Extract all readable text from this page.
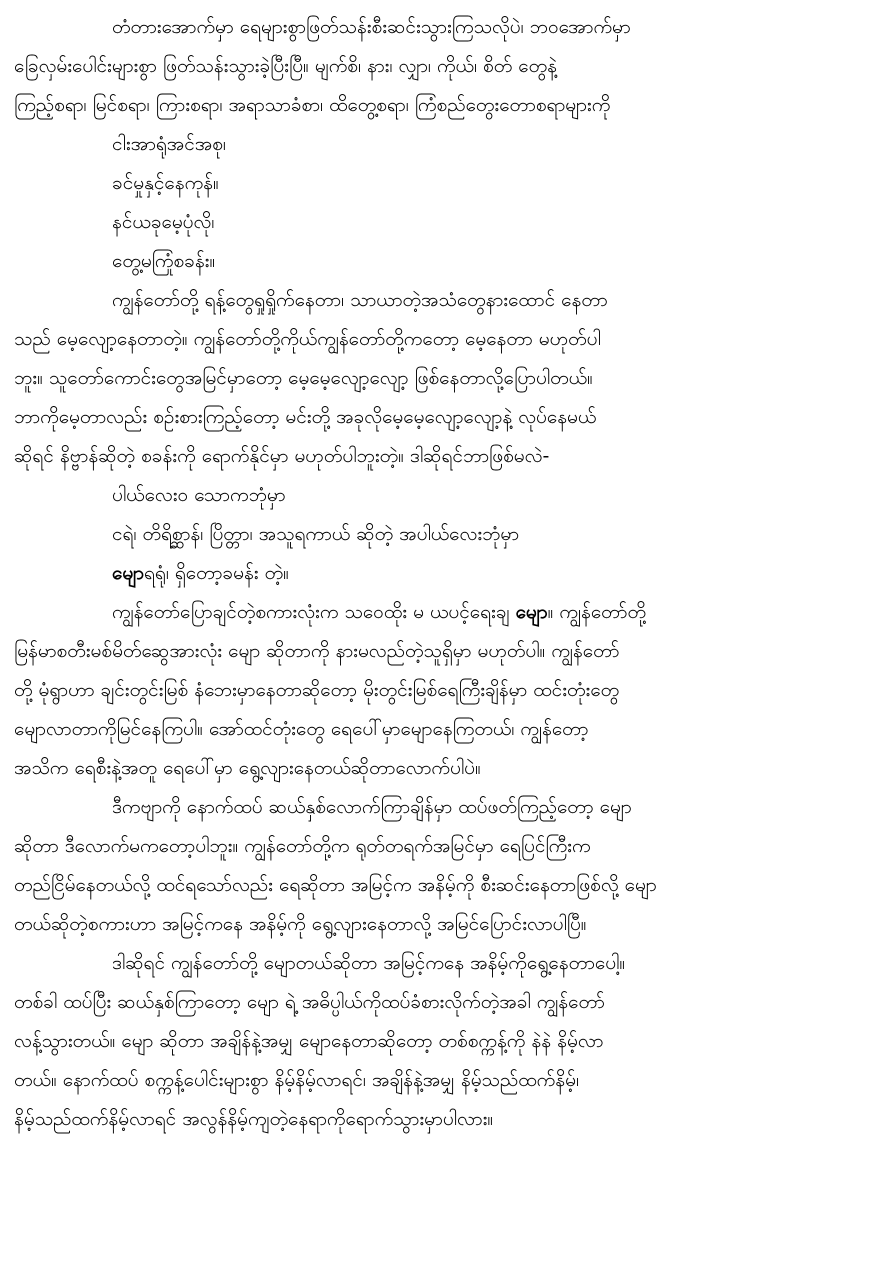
တံတားအောက်မှာ ရေများစွာဖြတ်သန်းစီးဆင်းသွားကြသလိုပဲ၊ ဘဝအောက်မှာ
ခြေလှမ်းပေါင်းများစွာ ဖြတ်သန်းသွားခဲ့ပြီးပြီ။ မျက်စိ၊ နား၊ လျှာ၊ ကိုယ်၊ စိတ် တွေနဲ့
ကြည့်စရာ၊ မြင်စရာ၊ ကြားစရာ၊ အရာသာခံစာ၊ ထိတွေ့စရာ၊ ကြံစည်တွေးတောစရာများကို
ငါးအာရုံအင်အစု၊
ခင်မှုနှင့်နေကုန်။
နင်ယခုမေ့ပုံလို၊
တွေ့မကြုံစခန်း။
ကျွန်တော်တို့ ရန့်တွေရှုရှိုက်နေတာ၊ သာယာတဲ့အသံတွေနားထောင် နေတာ
သည် မေ့လျော့နေတာတဲ့။ ကျွန်တော်တို့ကိုယ်ကျွန်တော်တို့ကတော့ မေ့နေတာ မဟုတ်ပါ
ဘူး။ သူတော်ကောင်းတွေအမြင်မှာတော့ မေ့မေ့လျော့လျော့ ဖြစ်နေတာလို့ပြောပါတယ်။
ဘာကိုမေ့တာလည်း စဉ်းစားကြည့်တော့ မင်းတို့ အခုလိုမေ့မေ့လျော့လျော့နဲ့ လုပ်နေမယ်
ဆိုရင် နိဗ္ဗာန်ဆိုတဲ့ စခန်းကို ရောက်နိုင်မှာ မဟုတ်ပါဘူးတဲ့။ ဒါဆိုရင်ဘာဖြစ်မလဲ-
ပါယ်လေးဝ သောကဘုံမှာ
ငရဲ၊ တိရိစ္ဆာန်၊ ပြိတ္တာ၊ အသူရကာယ် ဆိုတဲ့ အပါယ်လေးဘုံမှာ
မျောရရုံ၊ ရှိတော့ခမန်း တဲ့။
ကျွန်တော်ပြောချင်တဲ့စကားလုံးက သဝေထိုး မ ယပင့်ရေးချ မျော။ ကျွန်တော်တို့
မြန်မာစတီးမစ်မိတ်ဆွေအားလုံး မျော ဆိုတာကို နားမလည်တဲ့သူရှိမှာ မဟုတ်ပါ။ ကျွန်တော်
တို့ မုံရွာဟာ ချင်းတွင်းမြစ် နံဘေးမှာနေတာဆိုတော့ မိုးတွင်းမြစ်ရေကြီးချိန်မှာ ထင်းတုံးတွေ
မျောလာတာကိုမြင်နေကြပါ။ အော်ထင်တုံးတွေ ရေပေါ်မှာမျောနေကြတယ်၊ ကျွန်တော့
အသိက ရေစီးနဲ့အတူ ရေပေါ်မှာ ရွေ့လျားနေတယ်ဆိုတာလောက်ပါပဲ။
ဒီကဗျာကို နောက်ထပ် ဆယ်နှစ်လောက်ကြာချိန်မှာ ထပ်ဖတ်ကြည့်တော့ မျော
ဆိုတာ ဒီလောက်မကတော့ပါဘူး။ ကျွန်တော်တို့က ရုတ်တရက်အမြင်မှာ ရေပြင်ကြီးက
တည်ငြိမ်နေတယ်လို့ ထင်ရသော်လည်း ရေဆိုတာ အမြင့်က အနိမ့်ကို စီးဆင်းနေတာဖြစ်လို့ မျော
တယ်ဆိုတဲ့စကားဟာ အမြင့်ကနေ အနိမ့်ကို ရွေ့လျားနေတာလို့ အမြင်ပြောင်းလာပါပြီ။
ဒါဆိုရင် ကျွန်တော်တို့ မျောတယ်ဆိုတာ အမြင့်ကနေ အနိမ့်ကိုရွေ့နေတာပေါ့။
တစ်ခါ ထပ်ပြီး ဆယ်နှစ်ကြာတော့ မျော ရဲ့ အဓိပ္ပါယ်ကိုထပ်ခံစားလိုက်တဲ့အခါ ကျွန်တော်
လန့်သွားတယ်။ မျော ဆိုတာ အချိန်နဲ့အမျှ မျောနေတာဆိုတော့ တစ်စက္ကန့်ကို နဲနဲ နိမ့်လာ
တယ်။ နောက်ထပ် စက္ကန့်ပေါင်းများစွာ နိမ့်နိမ့်လာရင်၊ အချိန်နဲ့အမျှ နိမ့်သည်ထက်နိမ့်၊
နိမ့်သည်ထက်နိမ့်လာရင် အလွန်နိမ့်ကျတဲ့နေရာကိုရောက်သွားမှာပါလား။
